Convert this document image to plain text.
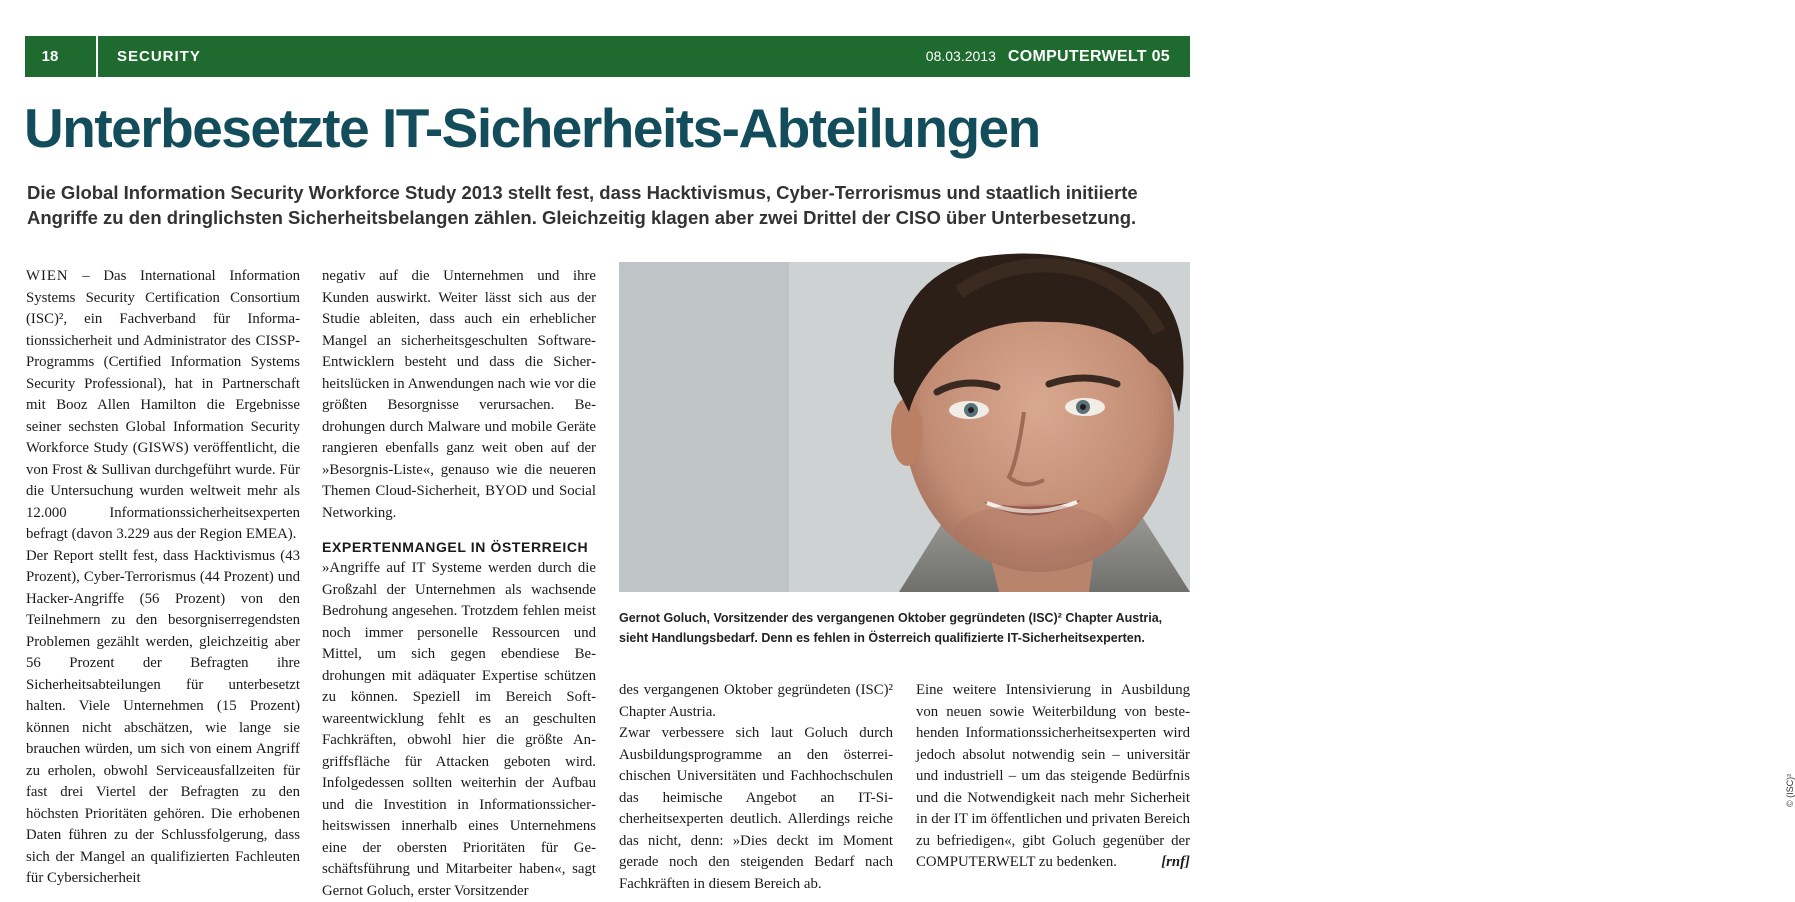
18	SECURITY	08.03.2013 COMPUTERWELT 05
Unterbesetzte IT-Sicherheits-Abteilungen

Die Global Information Security Workforce Study 2013 stellt fest, dass Hacktivismus, Cyber-Terrorismus und staatlich initiierte Angriffe zu den dringlichsten Sicherheitsbelangen zählen. Gleichzeitig klagen aber zwei Drittel der CISO über Unterbesetzung.

WIEN – Das International Information Systems Security Certification Consortium (ISC)², ein Fachverband für Informationssicherheit und Administrator des CISSP-Programms (Certified Information Systems Security Professional), hat in Partnerschaft mit Booz Allen Hamilton die Ergebnisse seiner sechsten Global Information Security Workforce Study (GISWS) veröffentlicht, die von Frost & Sullivan durchgeführt wurde. Für die Untersuchung wurden weltweit mehr als 12.000 Informationssicherheitsexperten befragt (davon 3.229 aus der Region EMEA).

Der Report stellt fest, dass Hacktivismus (43 Prozent), Cyber-Terrorismus (44 Prozent) und Hacker-Angriffe (56 Prozent) von den Teilnehmern zu den besorgniserregendsten Problemen gezählt werden, gleichzeitig aber 56 Prozent der Befragten ihre Sicherheitsabteilungen für unterbesetzt halten. Viele Unternehmen (15 Prozent) können nicht abschätzen, wie lange sie brauchen würden, um sich von einem Angriff zu erholen, obwohl Serviceausfallzeiten für fast drei Viertel der Befragten zu den höchsten Prioritäten gehören. Die erhobenen Daten führen zu der Schlussfolgerung, dass sich der Mangel an qualifizierten Fachleuten für Cybersicherheit

negativ auf die Unternehmen und ihre Kunden auswirkt. Weiter lässt sich aus der Studie ableiten, dass auch ein erheblicher Mangel an sicherheitsgeschulten Software-Entwicklern besteht und dass die Sicherheitslücken in Anwendungen nach wie vor die größten Besorgnisse verursachen. Bedrohungen durch Malware und mobile Geräte rangieren ebenfalls ganz weit oben auf der »Besorgnis-Liste«, genauso wie die neueren Themen Cloud-Sicherheit, BYOD und Social Networking.

EXPERTENMANGEL IN ÖSTERREICH

»Angriffe auf IT Systeme werden durch die Großzahl der Unternehmen als wachsende Bedrohung angesehen. Trotzdem fehlen meist noch immer personelle Ressourcen und Mittel, um sich gegen ebendiese Bedrohungen mit adäquater Expertise schützen zu können. Speziell im Bereich Softwareentwicklung fehlt es an geschulten Fachkräften, obwohl hier die größte Angriffsfläche für Attacken geboten wird. Infolgedessen sollten weiterhin der Aufbau und die Investition in Informationssicherheitswissen innerhalb eines Unternehmens eine der obersten Prioritäten für Geschäftsführung und Mitarbeiter haben«, sagt Gernot Goluch, erster Vorsitzender

© (ISC)²

Gernot Goluch, Vorsitzender des vergangenen Oktober gegründeten (ISC)² Chapter Austria, sieht Handlungsbedarf. Denn es fehlen in Österreich qualifizierte IT-Sicherheitsexperten.

des vergangenen Oktober gegründeten (ISC)² Chapter Austria.

Zwar verbessere sich laut Goluch durch Ausbildungsprogramme an den österreichischen Universitäten und Fachhochschulen das heimische Angebot an IT-Sicherheitsexperten deutlich. Allerdings reiche das nicht, denn: »Dies deckt im Moment gerade noch den steigenden Bedarf nach Fachkräften in diesem Bereich ab.

Eine weitere Intensivierung in Ausbildung von neuen sowie Weiterbildung von bestehenden Informationssicherheitsexperten wird jedoch absolut notwendig sein – universitär und industriell – um das steigende Bedürfnis und die Notwendigkeit nach mehr Sicherheit in der IT im öffentlichen und privaten Bereich zu befriedigen«, gibt Goluch gegenüber der COMPUTERWELT zu bedenken.	[rnf]
